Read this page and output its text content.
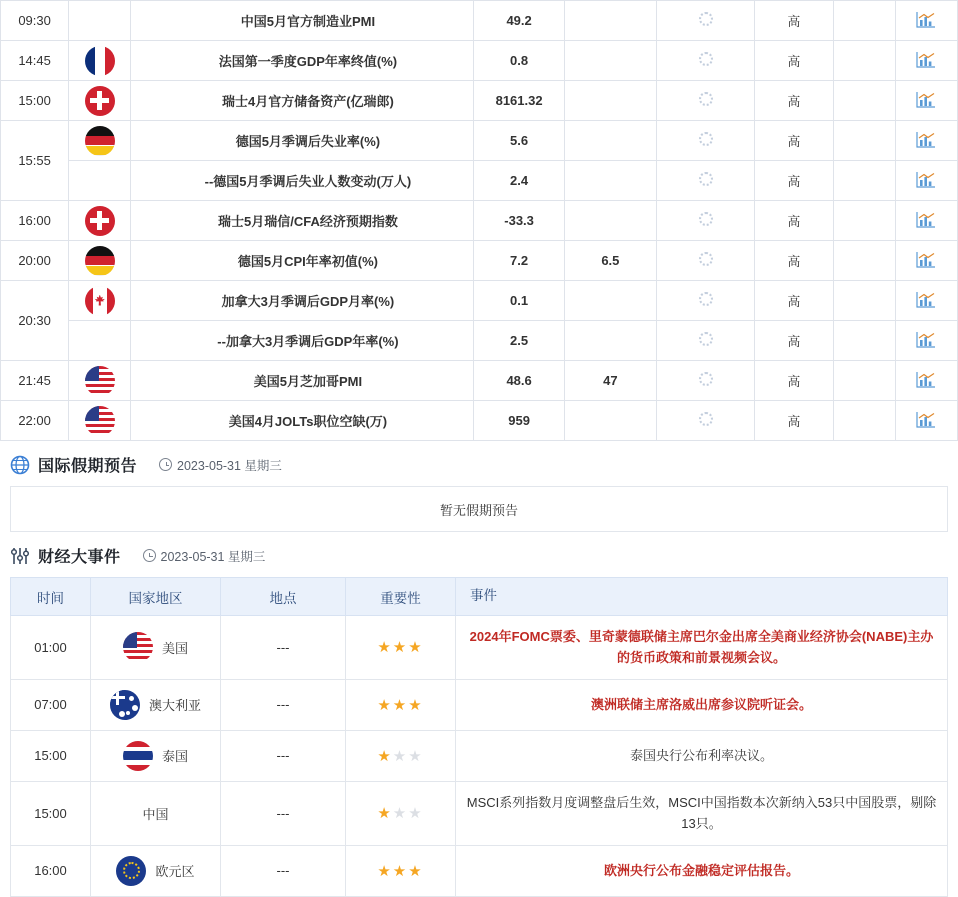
09:30		中国5月官方制造业PMI	49.2			高		

14:45		法国第一季度GDP年率终值(%)	0.8			高		

15:00		瑞士4月官方储备资产(亿瑞郎)	8161.32			高		

15:55		德国5月季调后失业率(%)	5.6			高		

		--德国5月季调后失业人数变动(万人)	2.4			高		

16:00		瑞士5月瑞信/CFA经济预期指数	-33.3			高		

20:00		德国5月CPI年率初值(%)	7.2	6.5		高		

20:30		加拿大3月季调后GDP月率(%)	0.1			高		

		--加拿大3月季调后GDP年率(%)	2.5			高		

21:45		美国5月芝加哥PMI	48.6	47		高		

22:00		美国4月JOLTs职位空缺(万)	959			高		
国际假期预告	2023-05-31 星期三
暂无假期预告
财经大事件	2023-05-31 星期三
时间	国家地区	地点	重要性	事件
01:00	美国	---	★★★	2024年FOMC票委、里奇蒙德联储主席巴尔金出席全美商业经济协会(NABE)主办的货币政策和前景视频会议。
07:00	澳大利亚	---	★★★	澳洲联储主席洛威出席参议院听证会。
15:00	泰国	---	★★★	泰国央行公布利率决议。
15:00	中国	---	★★★	MSCI系列指数月度调整盘后生效，MSCI中国指数本次新纳入53只中国股票，剔除13只。
16:00	欧元区	---	★★★	欧洲央行公布金融稳定评估报告。
